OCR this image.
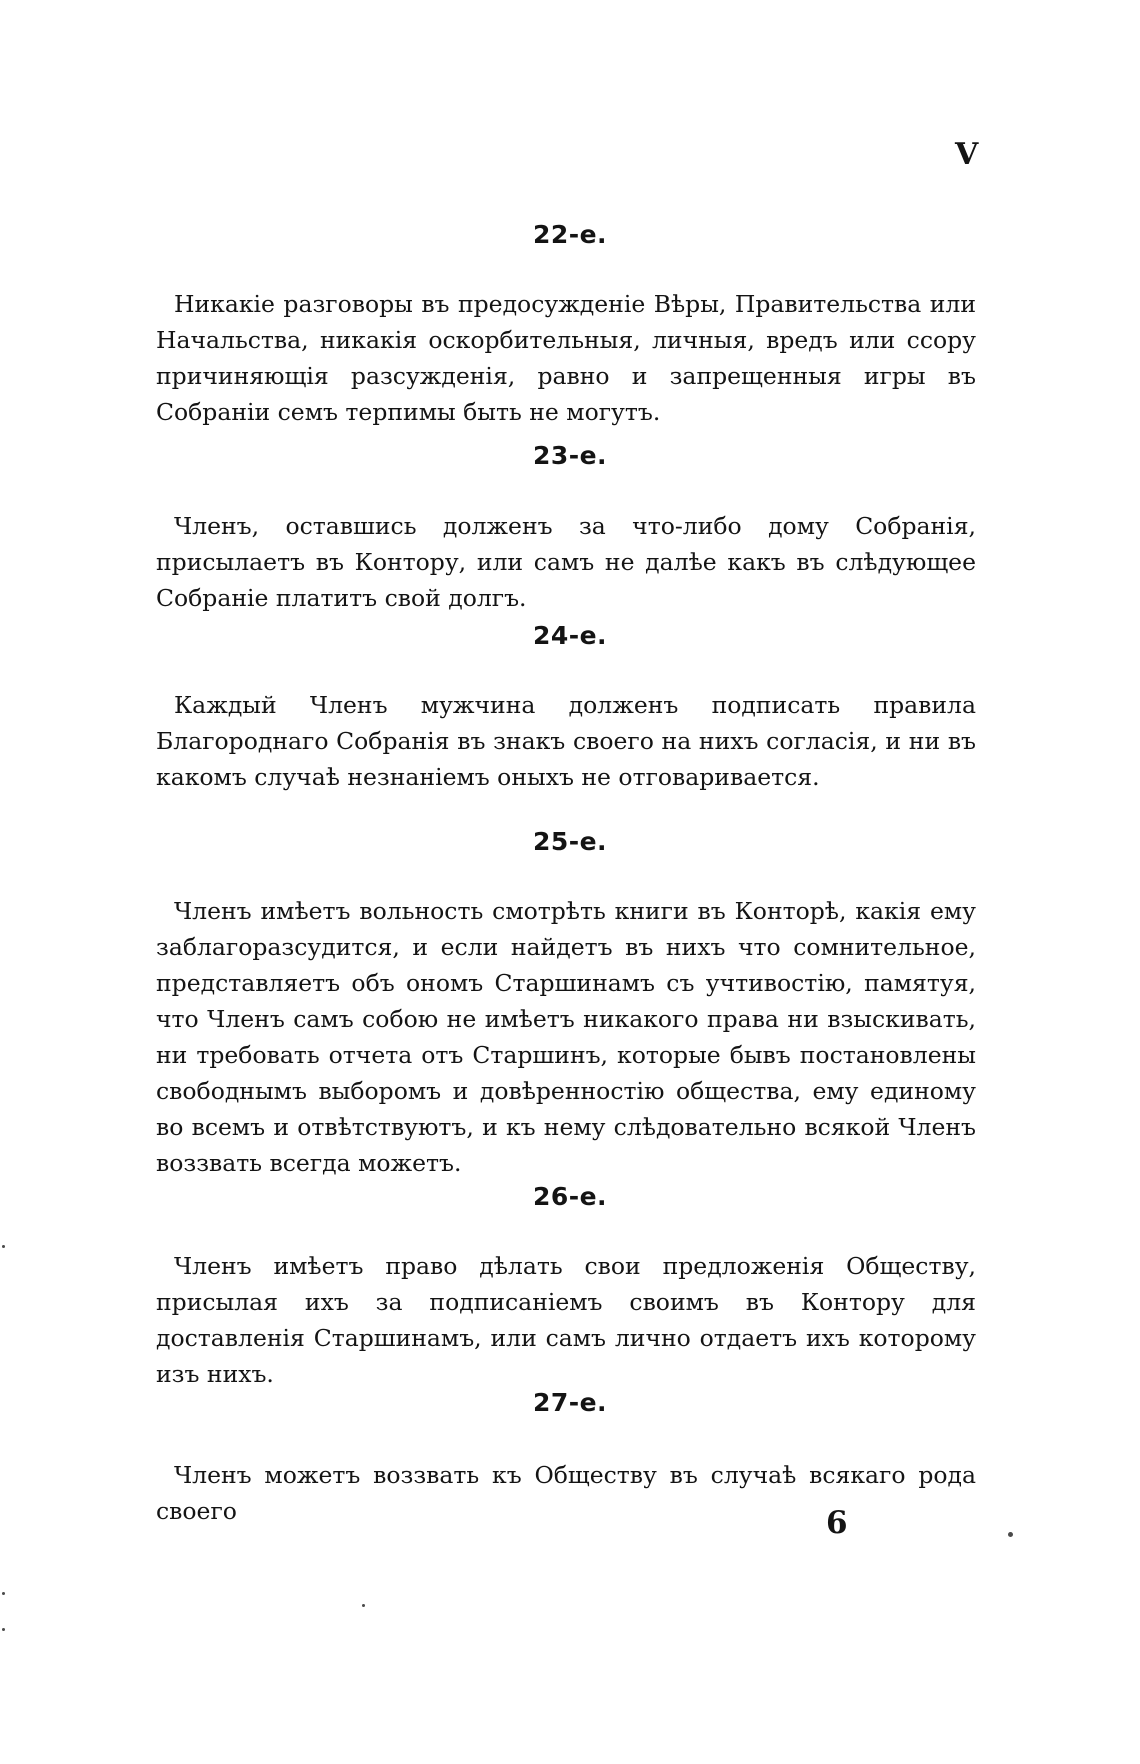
V
22-e.

Никакіе разговоры въ предосужденіе Вѣры, Правительства или Начальства, никакія оскорбительныя, личныя, вредъ или ссору причиняющія разсужденія, равно и запрещенныя игры въ Собраніи семъ терпимы быть не могутъ.

23-e.

Членъ, оставшись долженъ за что-либо дому Собранія, присылаетъ въ Контору, или самъ не далѣе какъ въ слѣдующее Собраніе платитъ свой долгъ.

24-e.

Каждый Членъ мужчина долженъ подписать правила Благороднаго Собранія въ знакъ своего на нихъ согласія, и ни въ какомъ случаѣ незнаніемъ оныхъ не отговаривается.

25-e.

Членъ имѣетъ вольность смотрѣть книги въ Конторѣ, какія ему заблагоразсудится, и если найдетъ въ нихъ что сомнительное, представляетъ объ ономъ Старшинамъ съ учтивостію, памятуя, что Членъ самъ собою не имѣетъ никакого права ни взыскивать, ни требовать отчета отъ Старшинъ, которые бывъ постановлены свободнымъ выборомъ и довѣренностію общества, ему единому во всемъ и отвѣтствуютъ, и къ нему слѣдовательно всякой Членъ воззвать всегда можетъ.

26-e.

Членъ имѣетъ право дѣлать свои предложенія Обществу, присылая ихъ за подписаніемъ своимъ въ Контору для доставленія Старшинамъ, или самъ лично отдаетъ ихъ которому изъ нихъ.

27-e.

Членъ можетъ воззвать къ Обществу въ случаѣ всякаго рода своего	6
